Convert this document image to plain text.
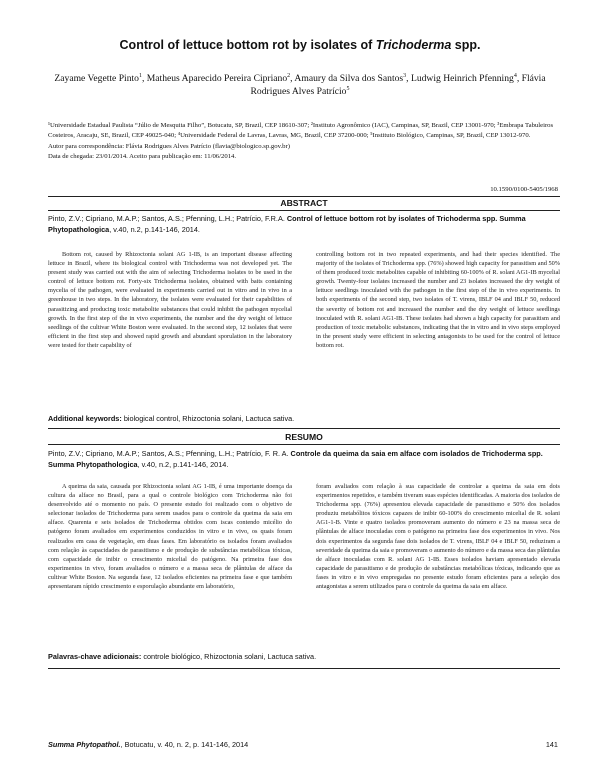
Control of lettuce bottom rot by isolates of Trichoderma spp.
Zayame Vegette Pinto$^1$, Matheus Aparecido Pereira Cipriano$^2$, Amaury da Silva dos Santos$^3$, Ludwig Heinrich Pfenning$^4$, Flávia Rodrigues Alves Patrício$^5$
¹Universidade Estadual Paulista “Júlio de Mesquita Filho”, Botucatu, SP, Brazil, CEP 18610-307; ²Instituto Agronômico (IAC), Campinas, SP, Brazil, CEP 13001-970; ³Embrapa Tabuleiros Costeiros, Aracaju, SE, Brazil, CEP 49025-040; ⁴Universidade Federal de Lavras, Lavras, MG, Brazil, CEP 37200-000; ⁵Instituto Biológico, Campinas, SP, Brazil, CEP 13012-970.
Autor para correspondência: Flávia Rodrigues Alves Patrício (flavia@biologico.sp.gov.br)
Data de chegada: 23/01/2014. Aceito para publicação em: 11/06/2014.
10.1590/0100-5405/1968
ABSTRACT
Pinto, Z.V.; Cipriano, M.A.P.; Santos, A.S.; Pfenning, L.H.; Patrício, F.R.A. Control of lettuce bottom rot by isolates of Trichoderma spp. Summa Phytopathologica, v.40, n.2, p.141-146, 2014.

Bottom rot, caused by Rhizoctonia solani AG 1-IB, is an important disease affecting lettuce in Brazil, where its biological control with Trichoderma was not developed yet. The present study was carried out with the aim of selecting Trichoderma isolates to be used in the control of lettuce bottom rot. Forty-six Trichoderma isolates, obtained with baits containing mycelia of the pathogen, were evaluated in experiments carried out in vitro and in vivo in a greenhouse in two steps. In the laboratory, the isolates were evaluated for their capabilities of parasitizing and producing toxic metabolite substances that could inhibit the pathogen mycelial growth. In the first step of the in vivo experiments, the number and the dry weight of lettuce seedlings of the cultivar White Boston were evaluated. In the second step, 12 isolates that were efficient in the first step and showed rapid growth and abundant sporulation in the laboratory were tested for their capability of

controlling bottom rot in two repeated experiments, and had their species identified. The majority of the isolates of Trichoderma spp. (76%) showed high capacity for parasitism and 50% of them produced toxic metabolites capable of inhibiting 60-100% of R. solani AG1-IB mycelial growth. Twenty-four isolates increased the number and 23 isolates increased the dry weight of lettuce seedlings inoculated with the pathogen in the first step of the in vivo experiments. In both experiments of the second step, two isolates of T. virens, IBLF 04 and IBLF 50, reduced the severity of bottom rot and increased the number and the dry weight of lettuce seedlings inoculated with R. solani AG1-IB. These isolates had shown a high capacity for parasitism and production of toxic metabolic substances, indicating that the in vitro and in vivo steps employed in the present study were efficient in selecting antagonists to be used for the control of lettuce bottom rot.

Additional keywords: biological control, Rhizoctonia solani, Lactuca sativa.
RESUMO
Pinto, Z.V.; Cipriano, M.A.P.; Santos, A.S.; Pfenning, L.H.; Patrício, F. R. A. Controle da queima da saia em alface com isolados de Trichoderma spp. Summa Phytopathologica, v.40, n.2, p.141-146, 2014.

A queima da saia, causada por Rhizoctonia solani AG 1-IB, é uma importante doença da cultura da alface no Brasil, para a qual o controle biológico com Trichoderma não foi desenvolvido até o momento no país. O presente estudo foi realizado com o objetivo de selecionar isolados de Trichoderma para serem usados para o controle da queima da saia em alface. Quarenta e seis isolados de Trichoderma obtidos com iscas contendo micélio do patógeno foram avaliados em experimentos conduzidos in vitro e in vivo, os quais foram realizados em casa de vegetação, em duas fases. Em laboratório os isolados foram avaliados com relação às capacidades de parasitismo e de produção de substâncias metabólicas tóxicas, com capacidade de inibir o crescimento micelial do patógeno. Na primeira fase dos experimentos in vivo, foram avaliados o número e a massa seca de plântulas de alface da cultivar White Boston. Na segunda fase, 12 isolados eficientes na primeira fase e que também apresentaram rápido crescimento e esporulação abundante em laboratório,

foram avaliados com relação à sua capacidade de controlar a queima da saia em dois experimentos repetidos, e também tiveram suas espécies identificadas. A maioria dos isolados de Trichoderma spp. (76%) apresentou elevada capacidade de parasitismo e 50% dos isolados produziu metabólitos tóxicos capazes de inibir 60-100% do crescimento micelial de R. solani AG1-1-B. Vinte e quatro isolados promoveram aumento do número e 23 na massa seca de plântulas de alface inoculadas com o patógeno na primeira fase dos experimentos in vivo. Nos dois experimentos da segunda fase dois isolados de T. virens, IBLF 04 e IBLF 50, reduziram a severidade da queima da saia e promoveram o aumento do número e da massa seca das plântulas de alface inoculadas com R. solani AG 1-IB. Esses isolados haviam apresentado elevada capacidade de parasitismo e de produção de substâncias metabólicas tóxicas, indicando que as fases in vitro e in vivo empregadas no presente estudo foram eficientes para a seleção dos antagonistas a serem utilizados para o controle da queima da saia em alface.

Palavras-chave adicionais: controle biológico, Rhizoctonia solani, Lactuca sativa.
Summa Phytopathol., Botucatu, v. 40, n. 2, p. 141-146, 2014	141
